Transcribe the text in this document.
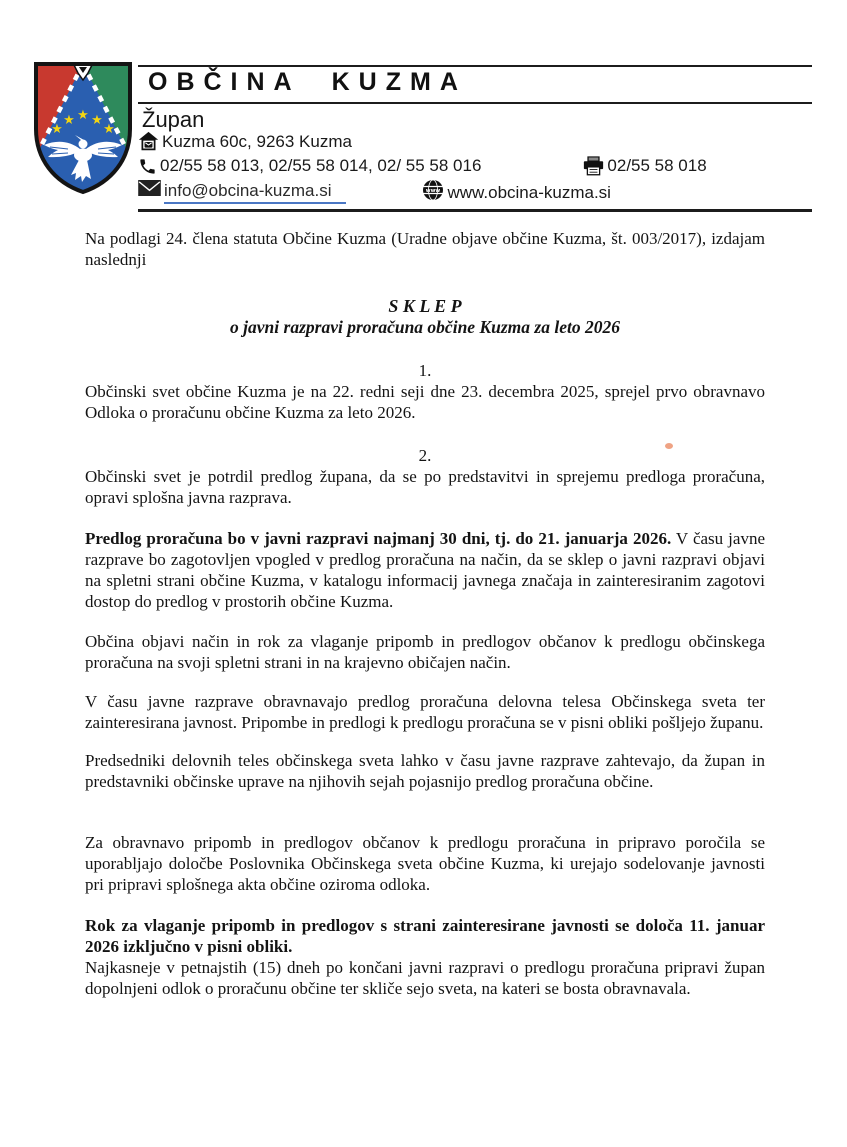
★
★ ★ ★
★
OBČINA KUZMA
Župan
Kuzma 60c, 9263 Kuzma
02/55 58 013, 02/55 58 014, 02/ 55 58 016	02/55 58 018
info@obcina-kuzma.si	www www.obcina-kuzma.si

Na podlagi 24. člena statuta Občine Kuzma (Uradne objave občine Kuzma, št. 003/2017), izdajam naslednji

S K L E P

o javni razpravi proračuna občine Kuzma za leto 2026

1.

Občinski svet občine Kuzma je na 22. redni seji dne 23. decembra 2025, sprejel prvo obravnavo Odloka o proračunu občine Kuzma za leto 2026.

2.

Občinski svet je potrdil predlog župana, da se po predstavitvi in sprejemu predloga proračuna, opravi splošna javna razprava.

Predlog proračuna bo v javni razpravi najmanj 30 dni, tj. do 21. januarja 2026. V času javne razprave bo zagotovljen vpogled v predlog proračuna na način, da se sklep o javni razpravi objavi na spletni strani občine Kuzma, v katalogu informacij javnega značaja in zainteresiranim zagotovi dostop do predlog v prostorih občine Kuzma.

Občina objavi način in rok za vlaganje pripomb in predlogov občanov k predlogu občinskega proračuna na svoji spletni strani in na krajevno običajen način.

V času javne razprave obravnavajo predlog proračuna delovna telesa Občinskega sveta ter zainteresirana javnost. Pripombe in predlogi k predlogu proračuna se v pisni obliki pošljejo županu.

Predsedniki delovnih teles občinskega sveta lahko v času javne razprave zahtevajo, da župan in predstavniki občinske uprave na njihovih sejah pojasnijo predlog proračuna občine.

Za obravnavo pripomb in predlogov občanov k predlogu proračuna in pripravo poročila se uporabljajo določbe Poslovnika Občinskega sveta občine Kuzma, ki urejajo sodelovanje javnosti pri pripravi splošnega akta občine oziroma odloka.

Rok za vlaganje pripomb in predlogov s strani zainteresirane javnosti se določa 11. januar 2026 izključno v pisni obliki.

Najkasneje v petnajstih (15) dneh po končani javni razpravi o predlogu proračuna pripravi župan dopolnjeni odlok o proračunu občine ter skliče sejo sveta, na kateri se bosta obravnavala.
